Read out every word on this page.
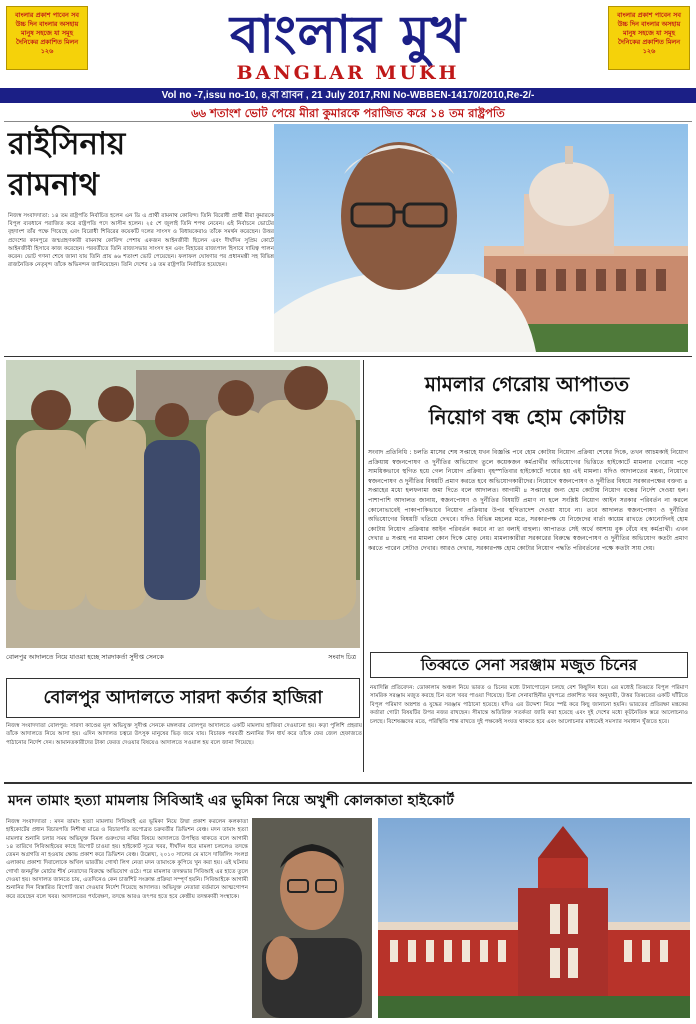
বাংলার প্রকাশ পাবেন সব উচ্চ দিন বাংলার অসহায় মানুষ সহজে যা সমূহ দৈনিকের প্রকাশিত মিলন ১২৬	বাংলার মুখ
BANGLAR MUKH
বাংলার প্রকাশ পাবেন সব উচ্চ দিন বাংলার অসহায় মানুষ সহজে যা সমূহ দৈনিকের প্রকাশিত মিলন ১২৬
Vol no -7,issu no-10, ৪,বা শ্রাবন , 21 July 2017,RNI No-WBBEN-14170/2010,Re-2/-
৬৬ শতাংশ ভোট পেয়ে মীরা কুমারকে পরাজিত করে ১৪ তম রাষ্ট্রপতি
রাইসিনায়
রামনাথ
নিজস্ব সংবাদদাতা: ১৪ তম রাষ্ট্রপতি নির্বাচিত হলেন এন ডি এ প্রার্থী রামনাথ কোবিন্দ। তিনি বিরোধী প্রার্থী মীরা কুমারকে বিপুল ব্যবধানে পরাজিত করে রাষ্ট্রপতি পদে আসীন হলেন। ২৫ শে জুলাই তিনি শপথ নেবেন। এই নির্বাচনে ভোটের বৃহদাংশ তাঁর পক্ষে গিয়েছে এবং বিরোধী শিবিরের কয়েকটি দলের সাংসদ ও বিধায়কেরাও তাঁকে সমর্থন করেছেন। উত্তর প্রদেশের কানপুরে জন্মগ্রহণকারী রামনাথ কোবিন্দ পেশায় একজন আইনজীবী ছিলেন এবং দীর্ঘদিন সুপ্রিম কোর্টে আইনজীবী হিসাবে কাজ করেছেন। পরবর্তীতে তিনি রাজ্যসভার সাংসদ হন এবং বিহারের রাজ্যপাল হিসাবে দায়িত্ব পালন করেন। ভোট গণনা শেষে জানা যায় তিনি প্রায় ৬৬ শতাংশ ভোট পেয়েছেন। ফলাফল ঘোষণার পর প্রধানমন্ত্রী সহ বিভিন্ন রাজনৈতিক নেতৃবৃন্দ তাঁকে অভিনন্দন জানিয়েছেন। তিনি দেশের ১৪ তম রাষ্ট্রপতি নির্বাচিত হয়েছেন।
বোলপুর আদালতে নিয়ে যাওয়া হচ্ছে সারদাকর্তা সুদীপ্ত সেনকে	সংবাদ চিত্র
মামলার গেরোয় আপাতত
নিয়োগ বন্ধ হোম কোটায়
সংবাদ প্রতিনিধি : চলতি মাসের শেষ সপ্তাহে যখন বিজ্ঞপ্তি পবে হোম কোটায় নিয়োগ প্রক্রিয়া শেষের দিকে, তখন আচমকাই নিয়োগ প্রক্রিয়ায় স্বজনপোষণ ও দুর্নীতির অভিযোগ তুলে কয়েকজন কর্মপ্রার্থীর অভিযোগের ভিত্তিতে হাইকোর্টে মামলার গেরোয় পড়ে সাময়িকভাবে স্থগিত হয়ে গেল নিয়োগ প্রক্রিয়া। বৃহস্পতিবার হাইকোর্টে দায়ের হয় এই মামলা। যদিও আদালতের মন্তব্য, নিয়োগে স্বজনপোষণ ও দুর্নীতির বিষয়টি প্রমাণ করতে হবে অভিযোগকারীদের। নিয়োগে স্বজনপোষণ ও দুর্নীতির বিষয়ে সরকারপক্ষের বক্তব্য ৪ সপ্তাহের মধ্যে হলফনামা জমা দিতে বলে আদালত। আগামী ৪ সপ্তাহের জন্য হোম কোটায় নিয়োগ বন্ধের নির্দেশ দেওয়া হল। পাশাপাশি আদালত জানায়, স্বজনপোষণ ও দুর্নীতির বিষয়টি প্রমাণ না হলে সংশ্লিষ্ট নিয়োগ আইন সরকার পরিবর্তন না করলে কোনোভাবেই পাকাপাকিভাবে নিয়োগ প্রক্রিয়ার উপর স্থগিতাদেশ দেওয়া যাবে না। তবে আদালত স্বজনপোষণ ও দুর্নীতির অভিযোগের বিষয়টি খতিয়ে দেখবে। যদিও বিভিন্ন মহলের মতে, সরকারপক্ষ যে নিজেদের বার্তা কায়েম রাখতে কোনোদিনই হোম কোটায় নিয়োগ প্রক্রিয়ার আইন পরিবর্তন করবে না তা বলাই বাহুল্য। আপাতত সেই অর্থে আশায় বুক বেঁধে বহু কর্মপ্রার্থী। এখন দেখার ৪ সপ্তাহ পর মামলা কোন দিকে মোড় নেয়। মামলাকারীরা সরকারের বিরুদ্ধে স্বজনপোষণ ও দুর্নীতির অভিযোগ কতটা প্রমাণ করতে পারেন সেটাও দেখার। আরও দেখার, সরকারপক্ষ হোম কোটার নিয়োগ পদ্ধতি পরিবর্তনের পক্ষে কতটা সায় দেয়।
তিব্বতে সেনা সরঞ্জাম মজুত চিনের
নয়াদিল্লি প্রতিবেদন: ডোকালাম অঞ্চল নিয়ে ভারত ও চিনের মধ্যে টানাপোড়েন চলছে বেশ কিছুদিন ধরে। এর মধ্যেই তিব্বতে বিপুল পরিমাণ সামরিক সরঞ্জাম মজুত করছে চিন বলে খবর পাওয়া গিয়েছে। চিনা সেনাবাহিনীর মুখপত্রে প্রকাশিত খবর অনুযায়ী, উত্তর তিব্বতের একটি ঘাঁটিতে বিপুল পরিমাণ অস্ত্রশস্ত্র ও যুদ্ধের সরঞ্জাম পাঠানো হয়েছে। যদিও এর উদ্দেশ্য নিয়ে স্পষ্ট করে কিছু জানানো হয়নি। ভারতের প্রতিরক্ষা মন্ত্রকের কর্তারা গোটা বিষয়টির উপর নজর রাখছেন। সীমান্তে অতিরিক্ত সতর্কতা জারি করা হয়েছে এবং দুই দেশের মধ্যে কূটনৈতিক স্তরে আলোচনাও চলছে। বিশেষজ্ঞদের মতে, পরিস্থিতি শান্ত রাখতে দুই পক্ষকেই সংযত থাকতে হবে এবং আলোচনার মাধ্যমেই সমস্যার সমাধান খুঁজতে হবে।
বোলপুর আদালতে সারদা কর্তার হাজিরা
নিজস্ব সংবাদদাতা বোলপুর: সারদা কাণ্ডের মূল অভিযুক্ত সুদীপ্ত সেনকে মঙ্গলবার বোলপুর আদালতে একটি মামলায় হাজিরা দেওয়ানো হয়। কড়া পুলিশি প্রহরায় তাঁকে আদালতে নিয়ে আসা হয়। এদিন আদালত চত্বরে উৎসুক মানুষের ভিড় জমে যায়। বিচারক পরবর্তী শুনানির দিন ধার্য করে তাঁকে ফের জেল হেফাজতে পাঠানোর নির্দেশ দেন। আমানতকারীদের টাকা ফেরত দেওয়ার বিষয়েও আদালতে সওয়াল হয় বলে জানা গিয়েছে।
মদন তামাং হত্যা মামলায় সিবিআই এর ভুমিকা নিয়ে অখুশী কোলকাতা হাইকোর্ট
নিজস্ব সংবাদদাতা : মদন তামাং হত্যা মামলায় সিবিআই এর ভূমিকা নিয়ে উষ্মা প্রকাশ করলেন কলকাতা হাইকোর্টের প্রধান বিচারপতি নিশীথা মাত্রে ও বিচারপতি তপোব্রত চক্রবর্তীর ডিভিশন বেঞ্চ। মদন তামাং হত্যা মামলার শুনানি চলার সময় অভিযুক্ত বিমল গুরুংদের নথির বিষয়ে আদালতে উপস্থিত থাকতে বলে আগামী ১৪ তারিখে সিবিআইয়ের কাছে রিপোর্ট চাওয়া হয়। হাইকোর্ট সূত্রে খবর, দীর্ঘদিন ধরে মামলা চললেও তদন্তে তেমন অগ্রগতি না হওয়ায় ক্ষোভ প্রকাশ করে ডিভিশন বেঞ্চ। উল্লেখ্য, ২০১০ সালের মে মাসে দার্জিলিং সংলগ্ন এলাকায় প্রকাশ্য দিবালোকে অখিল ভারতীয় গোর্খা লিগ নেতা মদন তামাংকে কুপিয়ে খুন করা হয়। এই ঘটনায় গোর্খা জনমুক্তি মোর্চার শীর্ষ নেতাদের বিরুদ্ধে অভিযোগ ওঠে। পরে মামলার তদন্তভার সিবিআই এর হাতে তুলে দেওয়া হয়। আদালত জানতে চায়, এতদিনেও কেন চার্জশিট সংক্রান্ত প্রক্রিয়া সম্পূর্ণ হয়নি। সিবিআইকে আগামী শুনানির দিন বিস্তারিত রিপোর্ট জমা দেওয়ার নির্দেশ দিয়েছে আদালত। অভিযুক্ত নেতারা বর্তমানে আত্মগোপন করে রয়েছেন বলে খবর। আদালতের পর্যবেক্ষণ, তদন্তে আরও তৎপর হতে হবে কেন্দ্রীয় তদন্তকারী সংস্থাকে।
